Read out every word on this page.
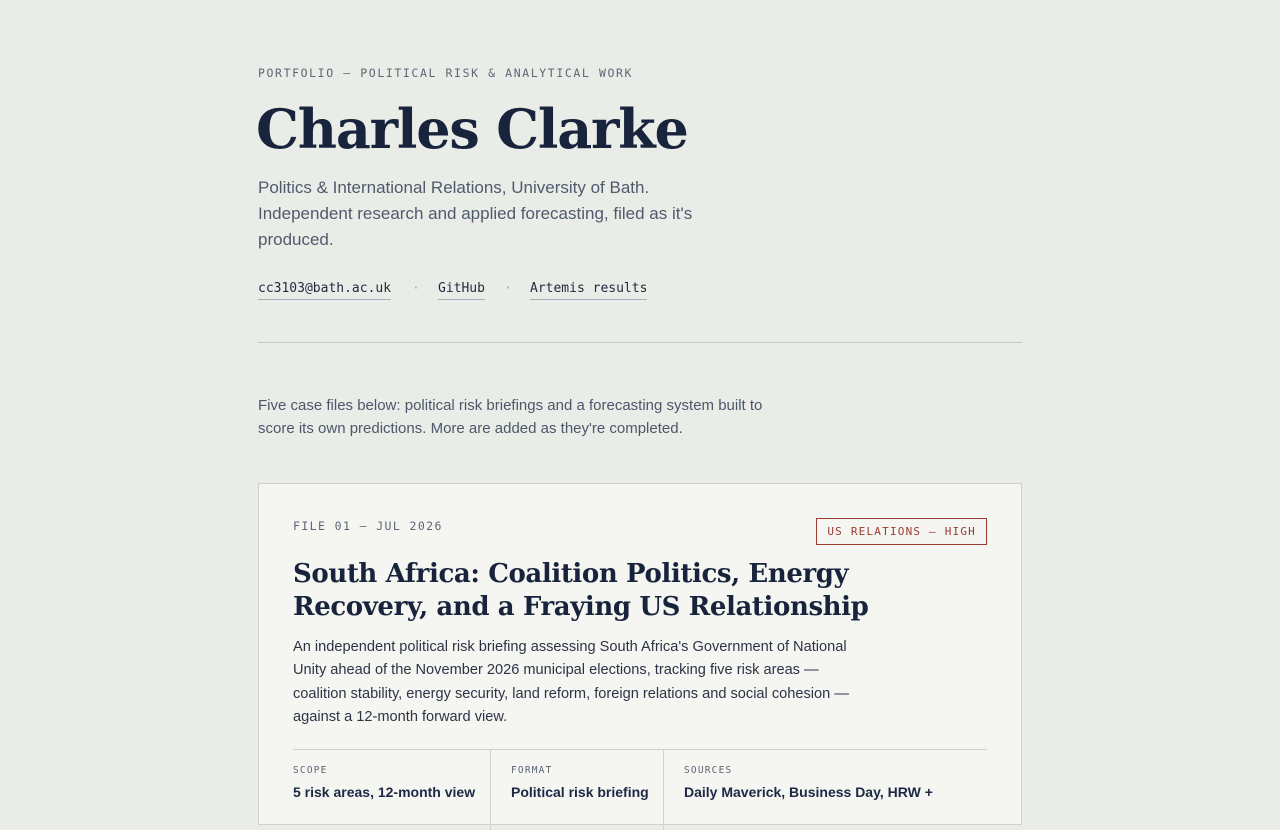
PORTFOLIO — POLITICAL RISK & ANALYTICAL WORK
Charles Clarke

Politics & International Relations, University of Bath. Independent research and applied forecasting, filed as it's produced.

cc3103@bath.ac.uk · GitHub · Artemis results

Five case files below: political risk briefings and a forecasting system built to score its own predictions. More are added as they're completed.

FILE 01 — JUL 2026	US RELATIONS — HIGH
South Africa: Coalition Politics, Energy Recovery, and a Fraying US Relationship

An independent political risk briefing assessing South Africa's Government of National Unity ahead of the November 2026 municipal elections, tracking five risk areas — coalition stability, energy security, land reform, foreign relations and social cohesion — against a 12-month forward view.

SCOPE
5 risk areas, 12-month view
FORMAT
Political risk briefing
SOURCES
Daily Maverick, Business Day, HRW +
